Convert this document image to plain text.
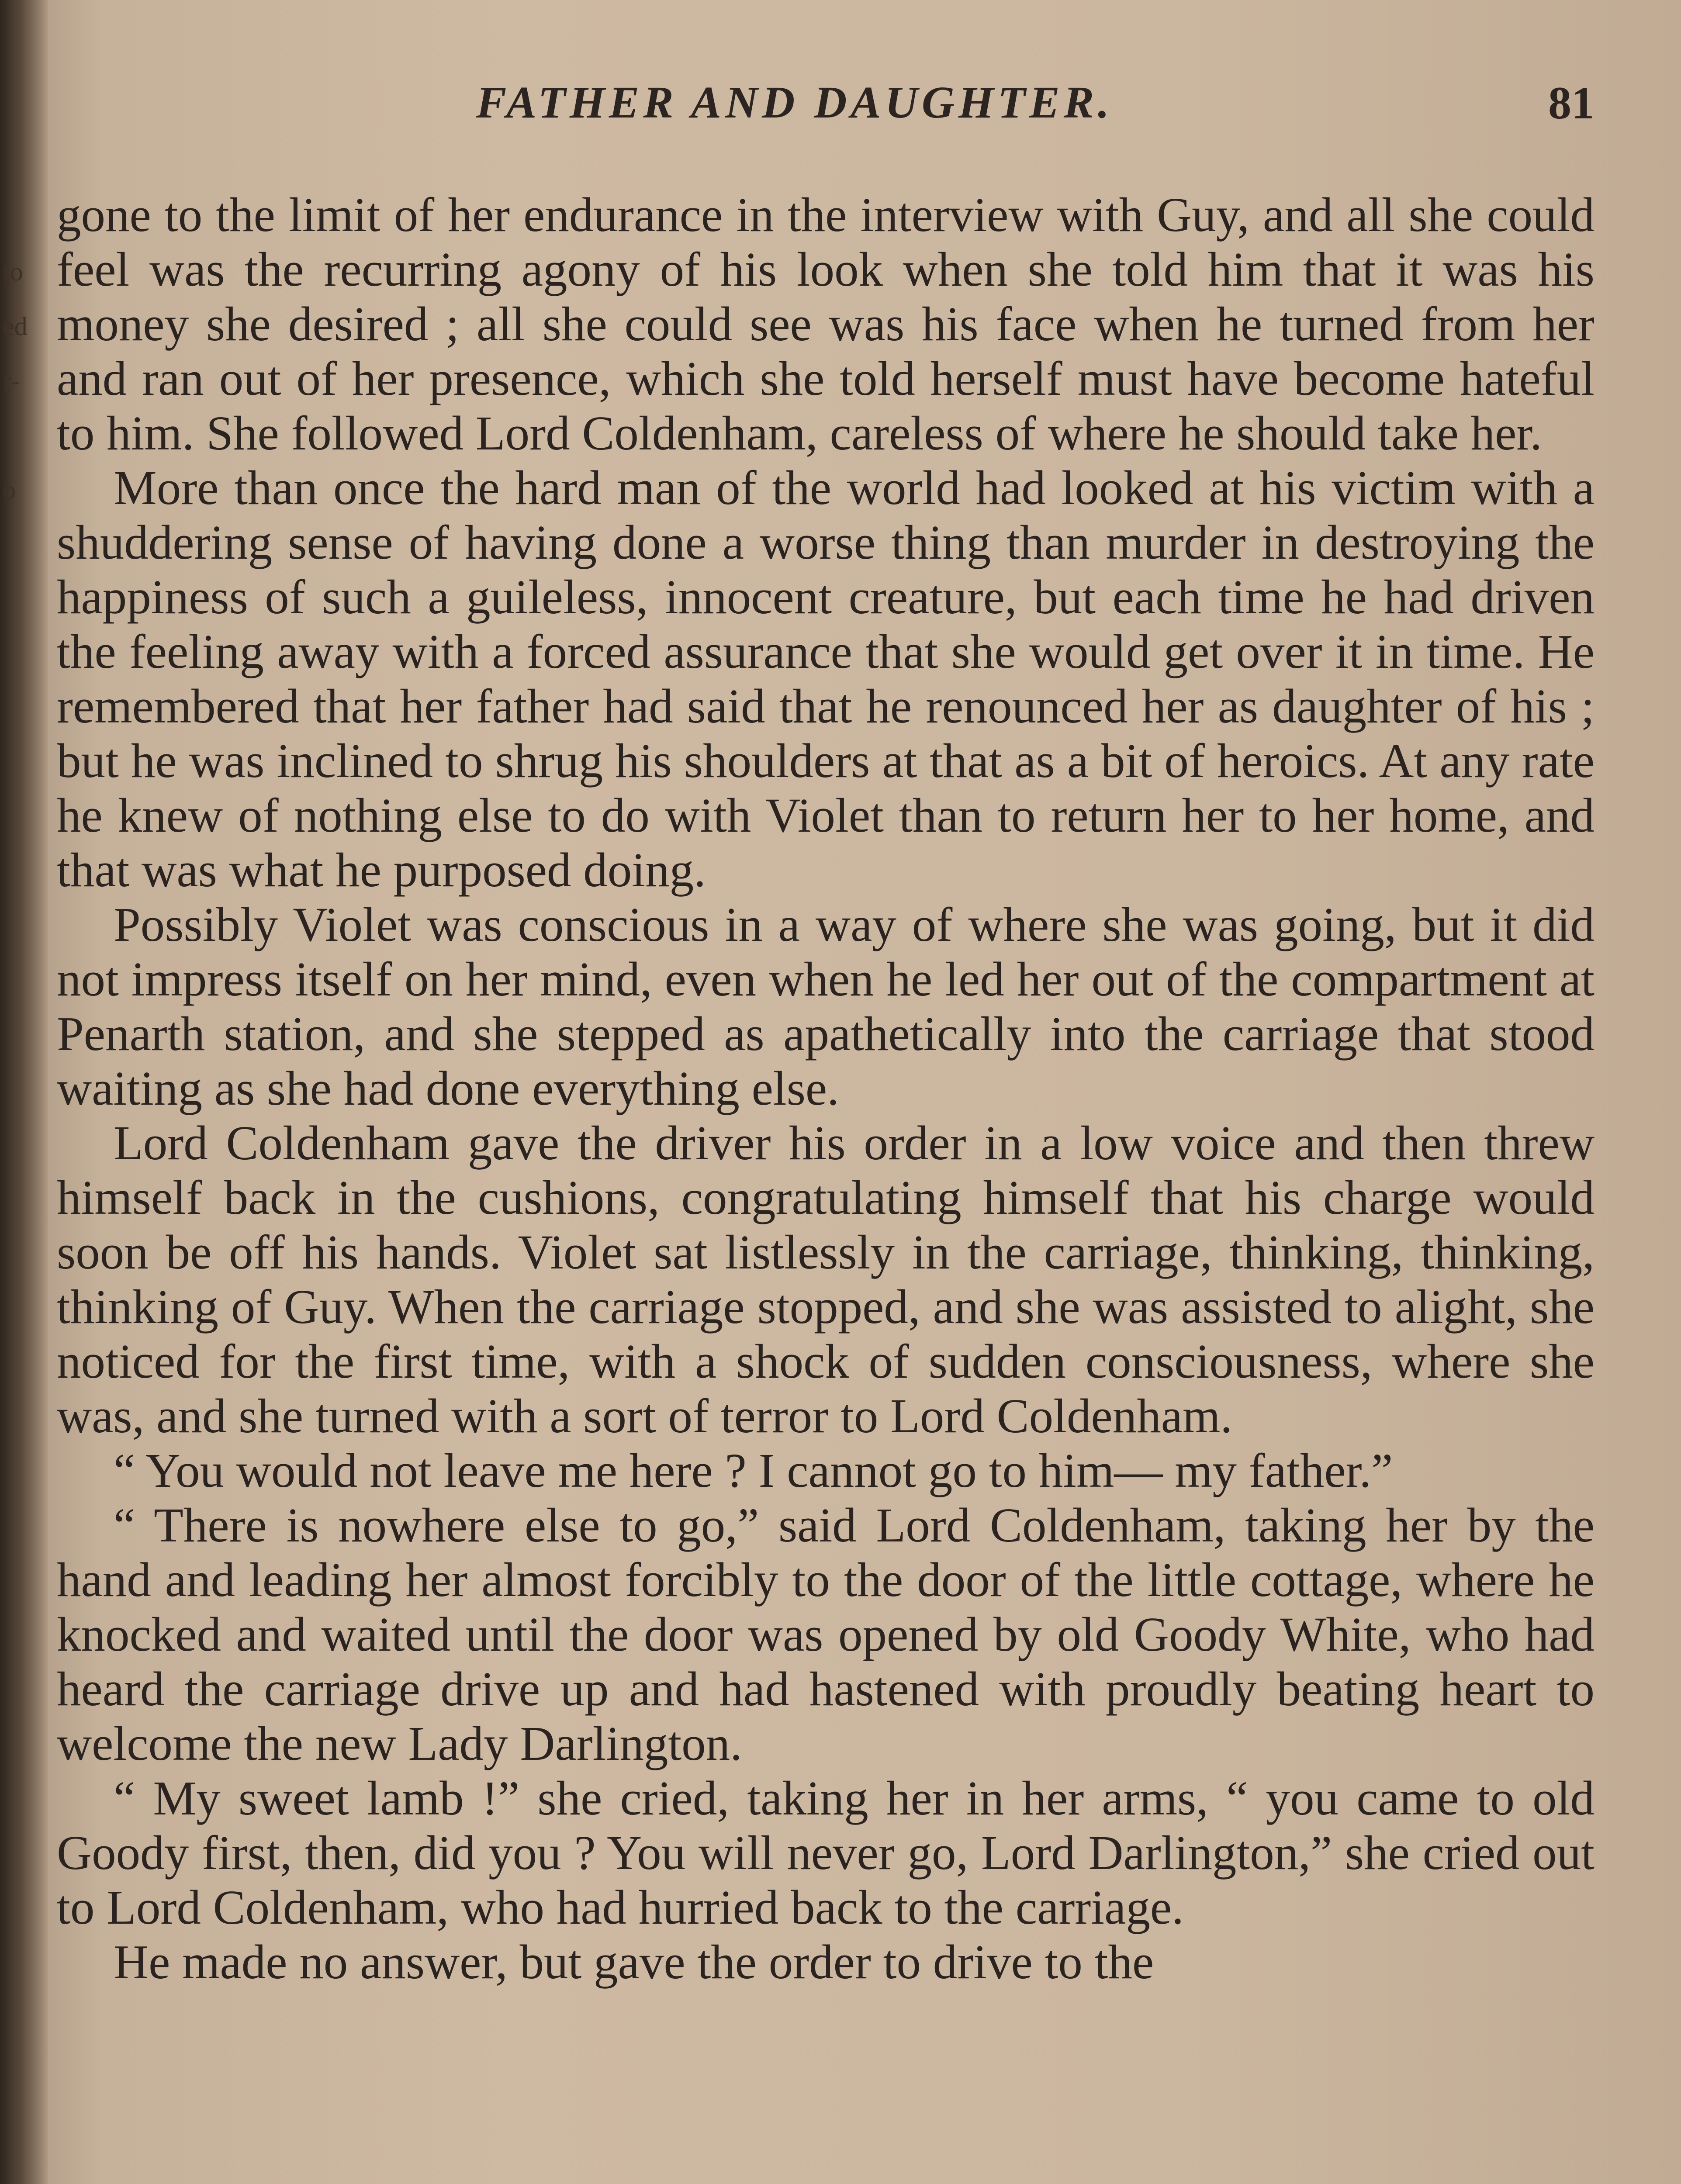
to
ed
r-
o
FATHER AND DAUGHTER.	81

gone to the limit of her endurance in the interview with Guy, and all she could feel was the recurring agony of his look when she told him that it was his money she desired ; all she could see was his face when he turned from her and ran out of her presence, which she told herself must have become hateful to him. She followed Lord Coldenham, careless of where he should take her.

More than once the hard man of the world had looked at his victim with a shuddering sense of having done a worse thing than murder in destroying the happiness of such a guileless, innocent creature, but each time he had driven the feeling away with a forced assurance that she would get over it in time. He remembered that her father had said that he renounced her as daughter of his ; but he was inclined to shrug his shoulders at that as a bit of heroics. At any rate he knew of nothing else to do with Violet than to return her to her home, and that was what he purposed doing.

Possibly Violet was conscious in a way of where she was going, but it did not impress itself on her mind, even when he led her out of the compartment at Penarth station, and she stepped as apathetically into the carriage that stood waiting as she had done everything else.

Lord Coldenham gave the driver his order in a low voice and then threw himself back in the cushions, congratulating himself that his charge would soon be off his hands. Violet sat listlessly in the carriage, thinking, thinking, thinking of Guy. When the carriage stopped, and she was assisted to alight, she noticed for the first time, with a shock of sudden consciousness, where she was, and she turned with a sort of terror to Lord Coldenham.

“ You would not leave me here ? I cannot go to him— my father.”

“ There is nowhere else to go,” said Lord Coldenham, taking her by the hand and leading her almost forcibly to the door of the little cottage, where he knocked and waited until the door was opened by old Goody White, who had heard the carriage drive up and had hastened with proudly beating heart to welcome the new Lady Darlington.

“ My sweet lamb !” she cried, taking her in her arms, “ you came to old Goody first, then, did you ? You will never go, Lord Darlington,” she cried out to Lord Coldenham, who had hurried back to the carriage.

He made no answer, but gave the order to drive to the
